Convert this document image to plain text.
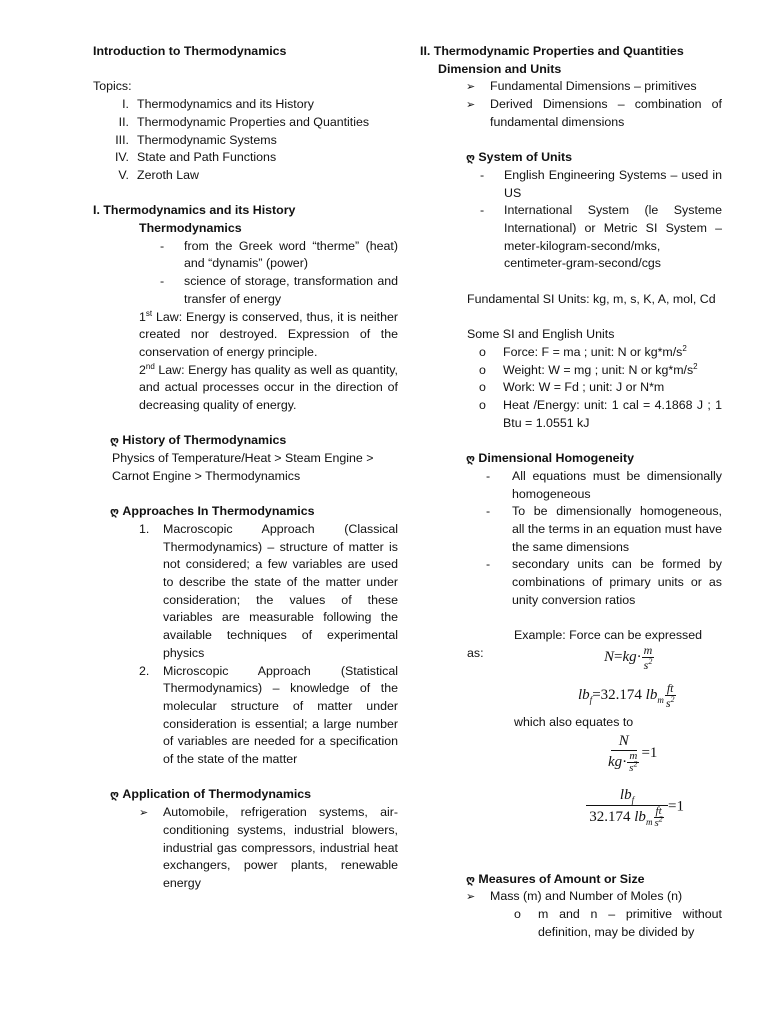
Introduction to Thermodynamics
Topics:
I. Thermodynamics and its History
II. Thermodynamic Properties and Quantities
III. Thermodynamic Systems
IV. State and Path Functions
V. Zeroth Law
I. Thermodynamics and its History
Thermodynamics
-	from the Greek word “therme” (heat) and “dynamis” (power)
-	science of storage, transformation and transfer of energy
1st Law: Energy is conserved, thus, it is neither created nor destroyed. Expression of the conservation of energy principle.
2nd Law: Energy has quality as well as quantity, and actual processes occur in the direction of decreasing quality of energy.
ღ History of Thermodynamics
Physics of Temperature/Heat > Steam Engine > Carnot Engine > Thermodynamics
ღ Approaches In Thermodynamics
1.	Macroscopic Approach (Classical Thermodynamics) – structure of matter is not considered; a few variables are used to describe the state of the matter under consideration; the values of these variables are measurable following the available techniques of experimental physics
2.	Microscopic Approach (Statistical Thermodynamics) – knowledge of the molecular structure of matter under consideration is essential; a large number of variables are needed for a specification of the state of the matter
ღ Application of Thermodynamics
➢	Automobile, refrigeration systems, air-conditioning systems, industrial blowers, industrial gas compressors, industrial heat exchangers, power plants, renewable energy
II. Thermodynamic Properties and Quantities
Dimension and Units
➢	Fundamental Dimensions – primitives
➢	Derived Dimensions – combination of fundamental dimensions
ღ System of Units
-	English Engineering Systems – used in US
-	International System (le Systeme International) or Metric SI System – meter-kilogram-second/mks, centimeter-gram-second/cgs
Fundamental SI Units: kg, m, s, K, A, mol, Cd
Some SI and English Units
o	Force: F = ma ; unit: N or $kg*m/s^2$
o	Weight: W = mg ; unit: N or $kg*m/s^2$
o	Work: W = Fd ; unit: J or N*m
o	Heat /Energy: unit: 1 cal = 4.1868 J ; 1 Btu = 1.0551 kJ
ღ Dimensional Homogeneity
-	All equations must be dimensionally homogeneous
-	To be dimensionally homogeneous, all the terms in an equation must have the same dimensions
-	secondary units can be formed by combinations of primary units or as unity conversion ratios
Example: Force can be expressed
as:	$N=kg\cdot \frac{m}{s^2}$
$lb_f=32.174$ $lb_m \frac{ft}{s^2}$
which also equates to
$\frac{N}{kg\cdot \frac{m}{s^2}} =1$
$\frac{lb_f}{32.174 lb_m \frac{ft}{s^2}} =1$
ღ Measures of Amount or Size
➢	Mass (m) and Number of Moles (n)
o	m and n – primitive without definition, may be divided by
